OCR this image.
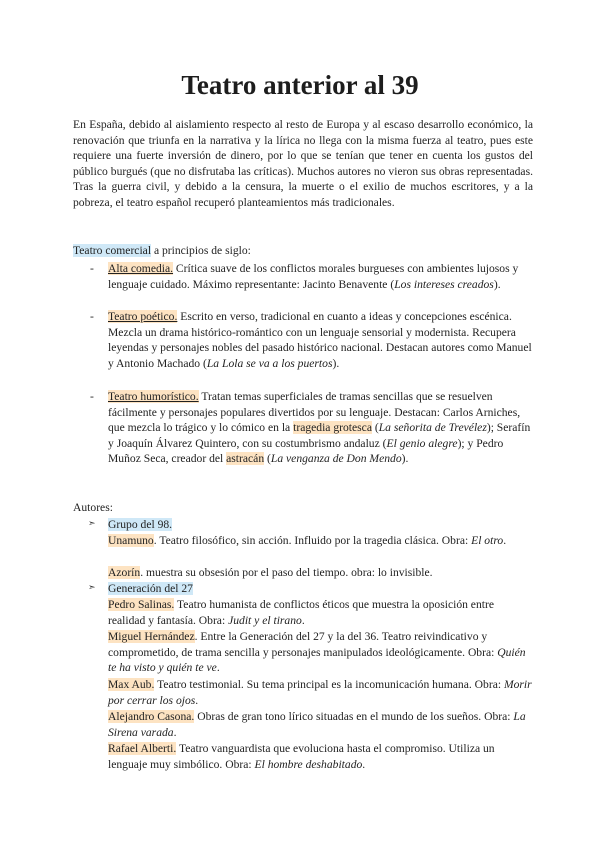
Teatro anterior al 39
En España, debido al aislamiento respecto al resto de Europa y al escaso desarrollo económico, la renovación que triunfa en la narrativa y la lírica no llega con la misma fuerza al teatro, pues este requiere una fuerte inversión de dinero, por lo que se tenían que tener en cuenta los gustos del público burgués (que no disfrutaba las críticas). Muchos autores no vieron sus obras representadas. Tras la guerra civil, y debido a la censura, la muerte o el exilio de muchos escritores, y a la pobreza, el teatro español recuperó planteamientos más tradicionales.
Teatro comercial a principios de siglo:
- Alta comedia. Crítica suave de los conflictos morales burgueses con ambientes lujosos y lenguaje cuidado. Máximo representante: Jacinto Benavente (Los intereses creados).
- Teatro poético. Escrito en verso, tradicional en cuanto a ideas y concepciones escénica. Mezcla un drama histórico-romántico con un lenguaje sensorial y modernista. Recupera leyendas y personajes nobles del pasado histórico nacional. Destacan autores como Manuel y Antonio Machado (La Lola se va a los puertos).
- Teatro humorístico. Tratan temas superficiales de tramas sencillas que se resuelven fácilmente y personajes populares divertidos por su lenguaje. Destacan: Carlos Arniches, que mezcla lo trágico y lo cómico en la tragedia grotesca (La señorita de Trevélez); Serafín y Joaquín Álvarez Quintero, con su costumbrismo andaluz (El genio alegre); y Pedro Muñoz Seca, creador del astracán (La venganza de Don Mendo).
Autores:
➣ Grupo del 98.
Unamuno. Teatro filosófico, sin acción. Influido por la tragedia clásica. Obra: El otro.
Azorín. muestra su obsesión por el paso del tiempo. obra: lo invisible.
➣ Generación del 27
Pedro Salinas. Teatro humanista de conflictos éticos que muestra la oposición entre realidad y fantasía. Obra: Judit y el tirano.
Miguel Hernández. Entre la Generación del 27 y la del 36. Teatro reivindicativo y comprometido, de trama sencilla y personajes manipulados ideológicamente. Obra: Quién te ha visto y quién te ve.
Max Aub. Teatro testimonial. Su tema principal es la incomunicación humana. Obra: Morir por cerrar los ojos.
Alejandro Casona. Obras de gran tono lírico situadas en el mundo de los sueños. Obra: La Sirena varada.
Rafael Alberti. Teatro vanguardista que evoluciona hasta el compromiso. Utiliza un lenguaje muy simbólico. Obra: El hombre deshabitado.
